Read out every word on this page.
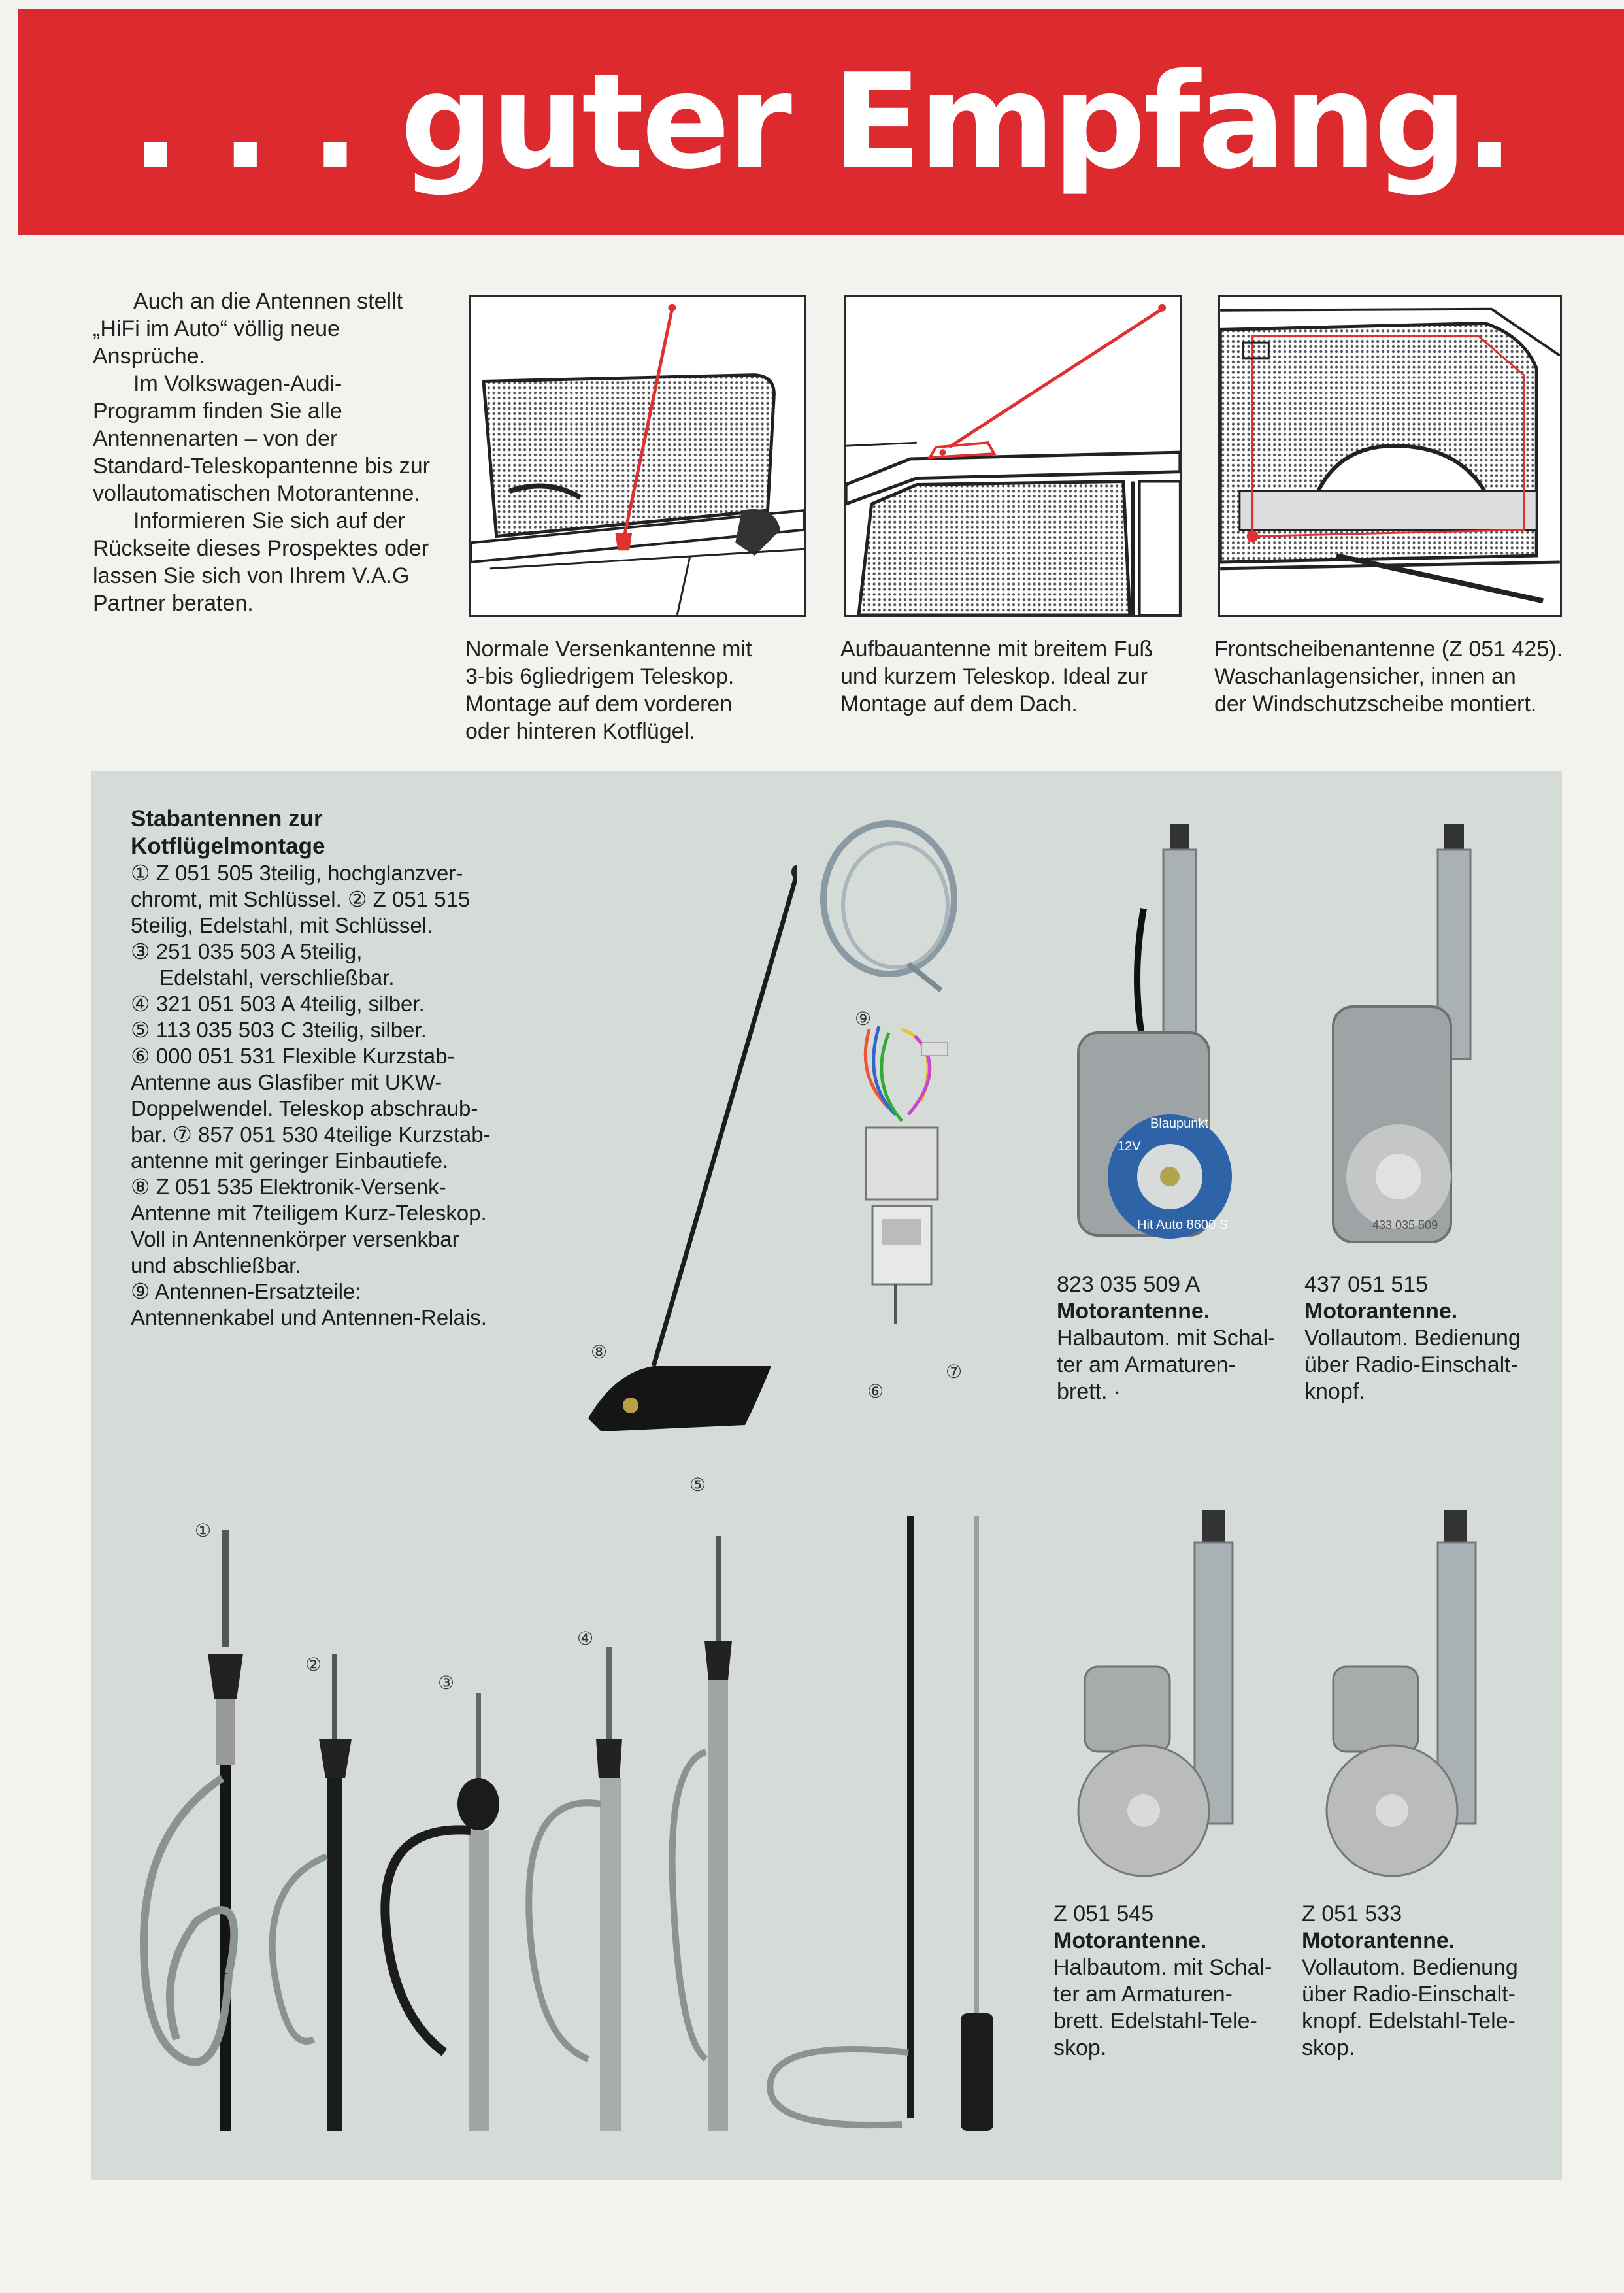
. . . guter Empfang.

Auch an die Antennen stellt „HiFi im Auto“ völlig neue Ansprüche.

Im Volkswagen-Audi-Programm finden Sie alle Antennenarten – von der Standard-Teleskopantenne bis zur vollautomatischen Motorantenne.

Informieren Sie sich auf der Rückseite dieses Prospektes oder lassen Sie sich von Ihrem V.A.G Partner beraten.

Normale Versenkantenne mit
3-bis 6gliedrigem Teleskop.
Montage auf dem vorderen
oder hinteren Kotflügel.
Aufbauantenne mit breitem Fuß
und kurzem Teleskop. Ideal zur
Montage auf dem Dach.
Frontscheibenantenne (Z 051 425).
Waschanlagensicher, innen an
der Windschutzscheibe montiert.
Stabantennen zur
Kotflügelmontage
① Z 051 505 3teilig, hochglanzver-
chromt, mit Schlüssel. ② Z 051 515
5teilig, Edelstahl, mit Schlüssel.
③ 251 035 503 A 5teilig,
Edelstahl, verschließbar.
④ 321 051 503 A 4teilig, silber.
⑤ 113 035 503 C 3teilig, silber.
⑥ 000 051 531 Flexible Kurzstab-
Antenne aus Glasfiber mit UKW-
Doppelwendel. Teleskop abschraub-
bar. ⑦ 857 051 530 4teilige Kurzstab-
antenne mit geringer Einbautiefe.
⑧ Z 051 535 Elektronik-Versenk-
Antenne mit 7teiligem Kurz-Teleskop.
Voll in Antennenkörper versenkbar
und abschließbar.
⑨ Antennen-Ersatzteile:
Antennenkabel und Antennen-Relais.
12V
Blaupunkt
Hit Auto 8600 S	433 035 509
823 035 509 A
Motorantenne.
Halbautom. mit Schal-
ter am Armaturen-
brett. ·
437 051 515
Motorantenne.
Vollautom. Bedienung
über Radio-Einschalt-
knopf.
Z 051 545
Motorantenne.
Halbautom. mit Schal-
ter am Armaturen-
brett. Edelstahl-Tele-
skop.
Z 051 533
Motorantenne.
Vollautom. Bedienung
über Radio-Einschalt-
knopf. Edelstahl-Tele-
skop.
①
②
③
④
⑤
⑥
⑦
⑧
⑨
